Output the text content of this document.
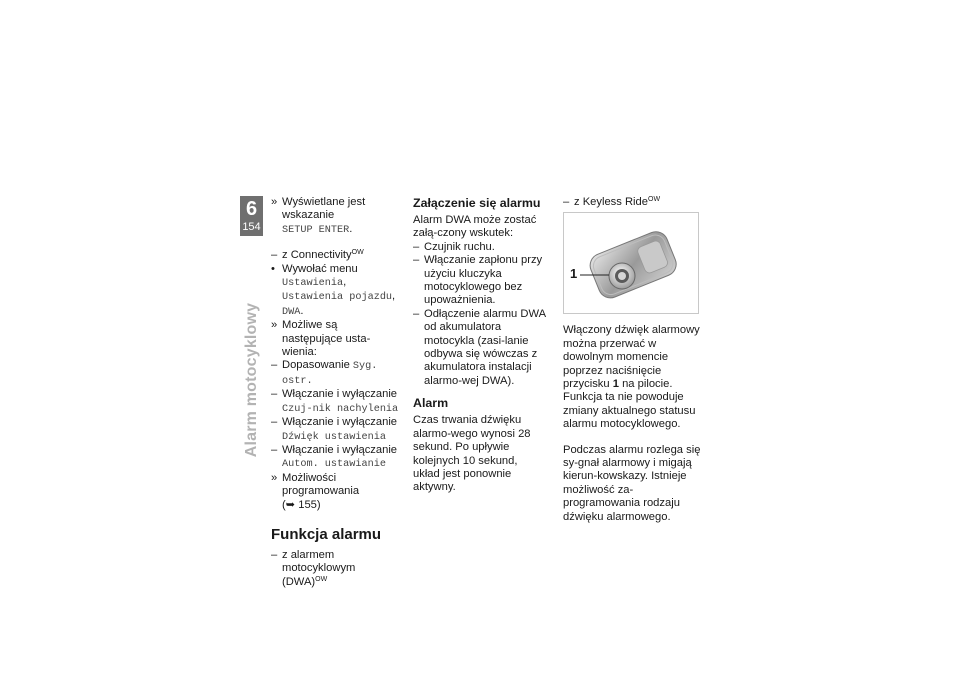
6
154
Alarm motocyklowy
» Wyświetlane jest wskazanie
SETUP ENTER.
– z Connectivity$^{OW}$
• Wywołać menu Ustawienia, Ustawienia pojazdu, DWA.
» Możliwe są następujące usta-wienia:
– Dopasowanie Syg. ostr.
– Włączanie i wyłączanie Czuj-nik nachylenia
– Włączanie i wyłączanie Dźwięk ustawienia
– Włączanie i wyłączanie Autom. ustawianie
» Możliwości programowania
(➥ 155)
Funkcja alarmu
– z alarmem motocyklowym (DWA)$^{OW}$
Załączenie się alarmu

Alarm DWA może zostać załą-czony wskutek:

– Czujnik ruchu.
– Włączanie zapłonu przy użyciu kluczyka motocyklowego bez upoważnienia.
– Odłączenie alarmu DWA od akumulatora motocykla (zasi-lanie odbywa się wówczas z akumulatora instalacji alarmo-wej DWA).
Alarm

Czas trwania dźwięku alarmo-wego wynosi 28 sekund. Po upływie kolejnych 10 sekund, układ jest ponownie aktywny.

– z Keyless Ride$^{OW}$
1

Włączony dźwięk alarmowy można przerwać w dowolnym momencie poprzez naciśnięcie przycisku 1 na pilocie. Funkcja ta nie powoduje zmiany aktualnego statusu alarmu motocyklowego.

Podczas alarmu rozlega się sy-gnał alarmowy i migają kierun-kowskazy. Istnieje możliwość za-programowania rodzaju dźwięku alarmowego.
